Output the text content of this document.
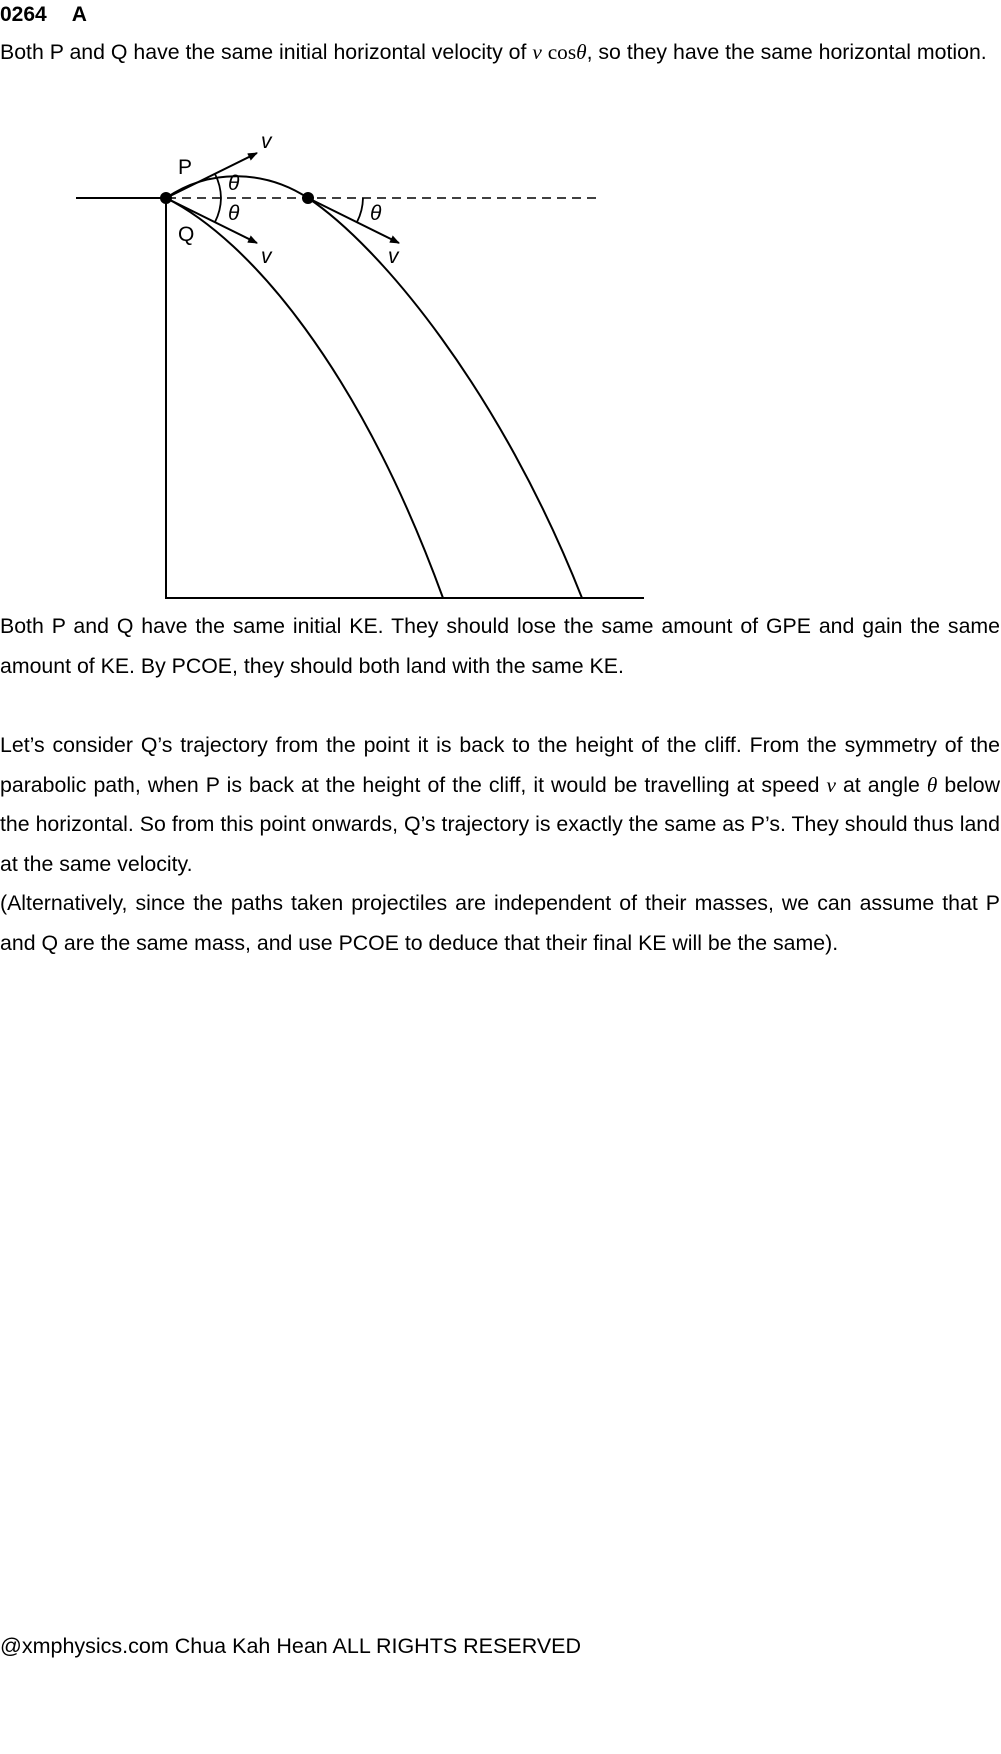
0264 A

Both P and Q have the same initial horizontal velocity of v cosθ, so they have the same horizontal motion.

P
Q
v
v	v
θ
θ	θ

Both P and Q have the same initial KE. They should lose the same amount of GPE and gain the same amount of KE. By PCOE, they should both land with the same KE.

Let’s consider Q’s trajectory from the point it is back to the height of the cliff. From the symmetry of the parabolic path, when P is back at the height of the cliff, it would be travelling at speed v at angle θ below the horizontal. So from this point onwards, Q’s trajectory is exactly the same as P’s. They should thus land at the same velocity.

(Alternatively, since the paths taken projectiles are independent of their masses, we can assume that P and Q are the same mass, and use PCOE to deduce that their final KE will be the same).

@xmphysics.com Chua Kah Hean ALL RIGHTS RESERVED
